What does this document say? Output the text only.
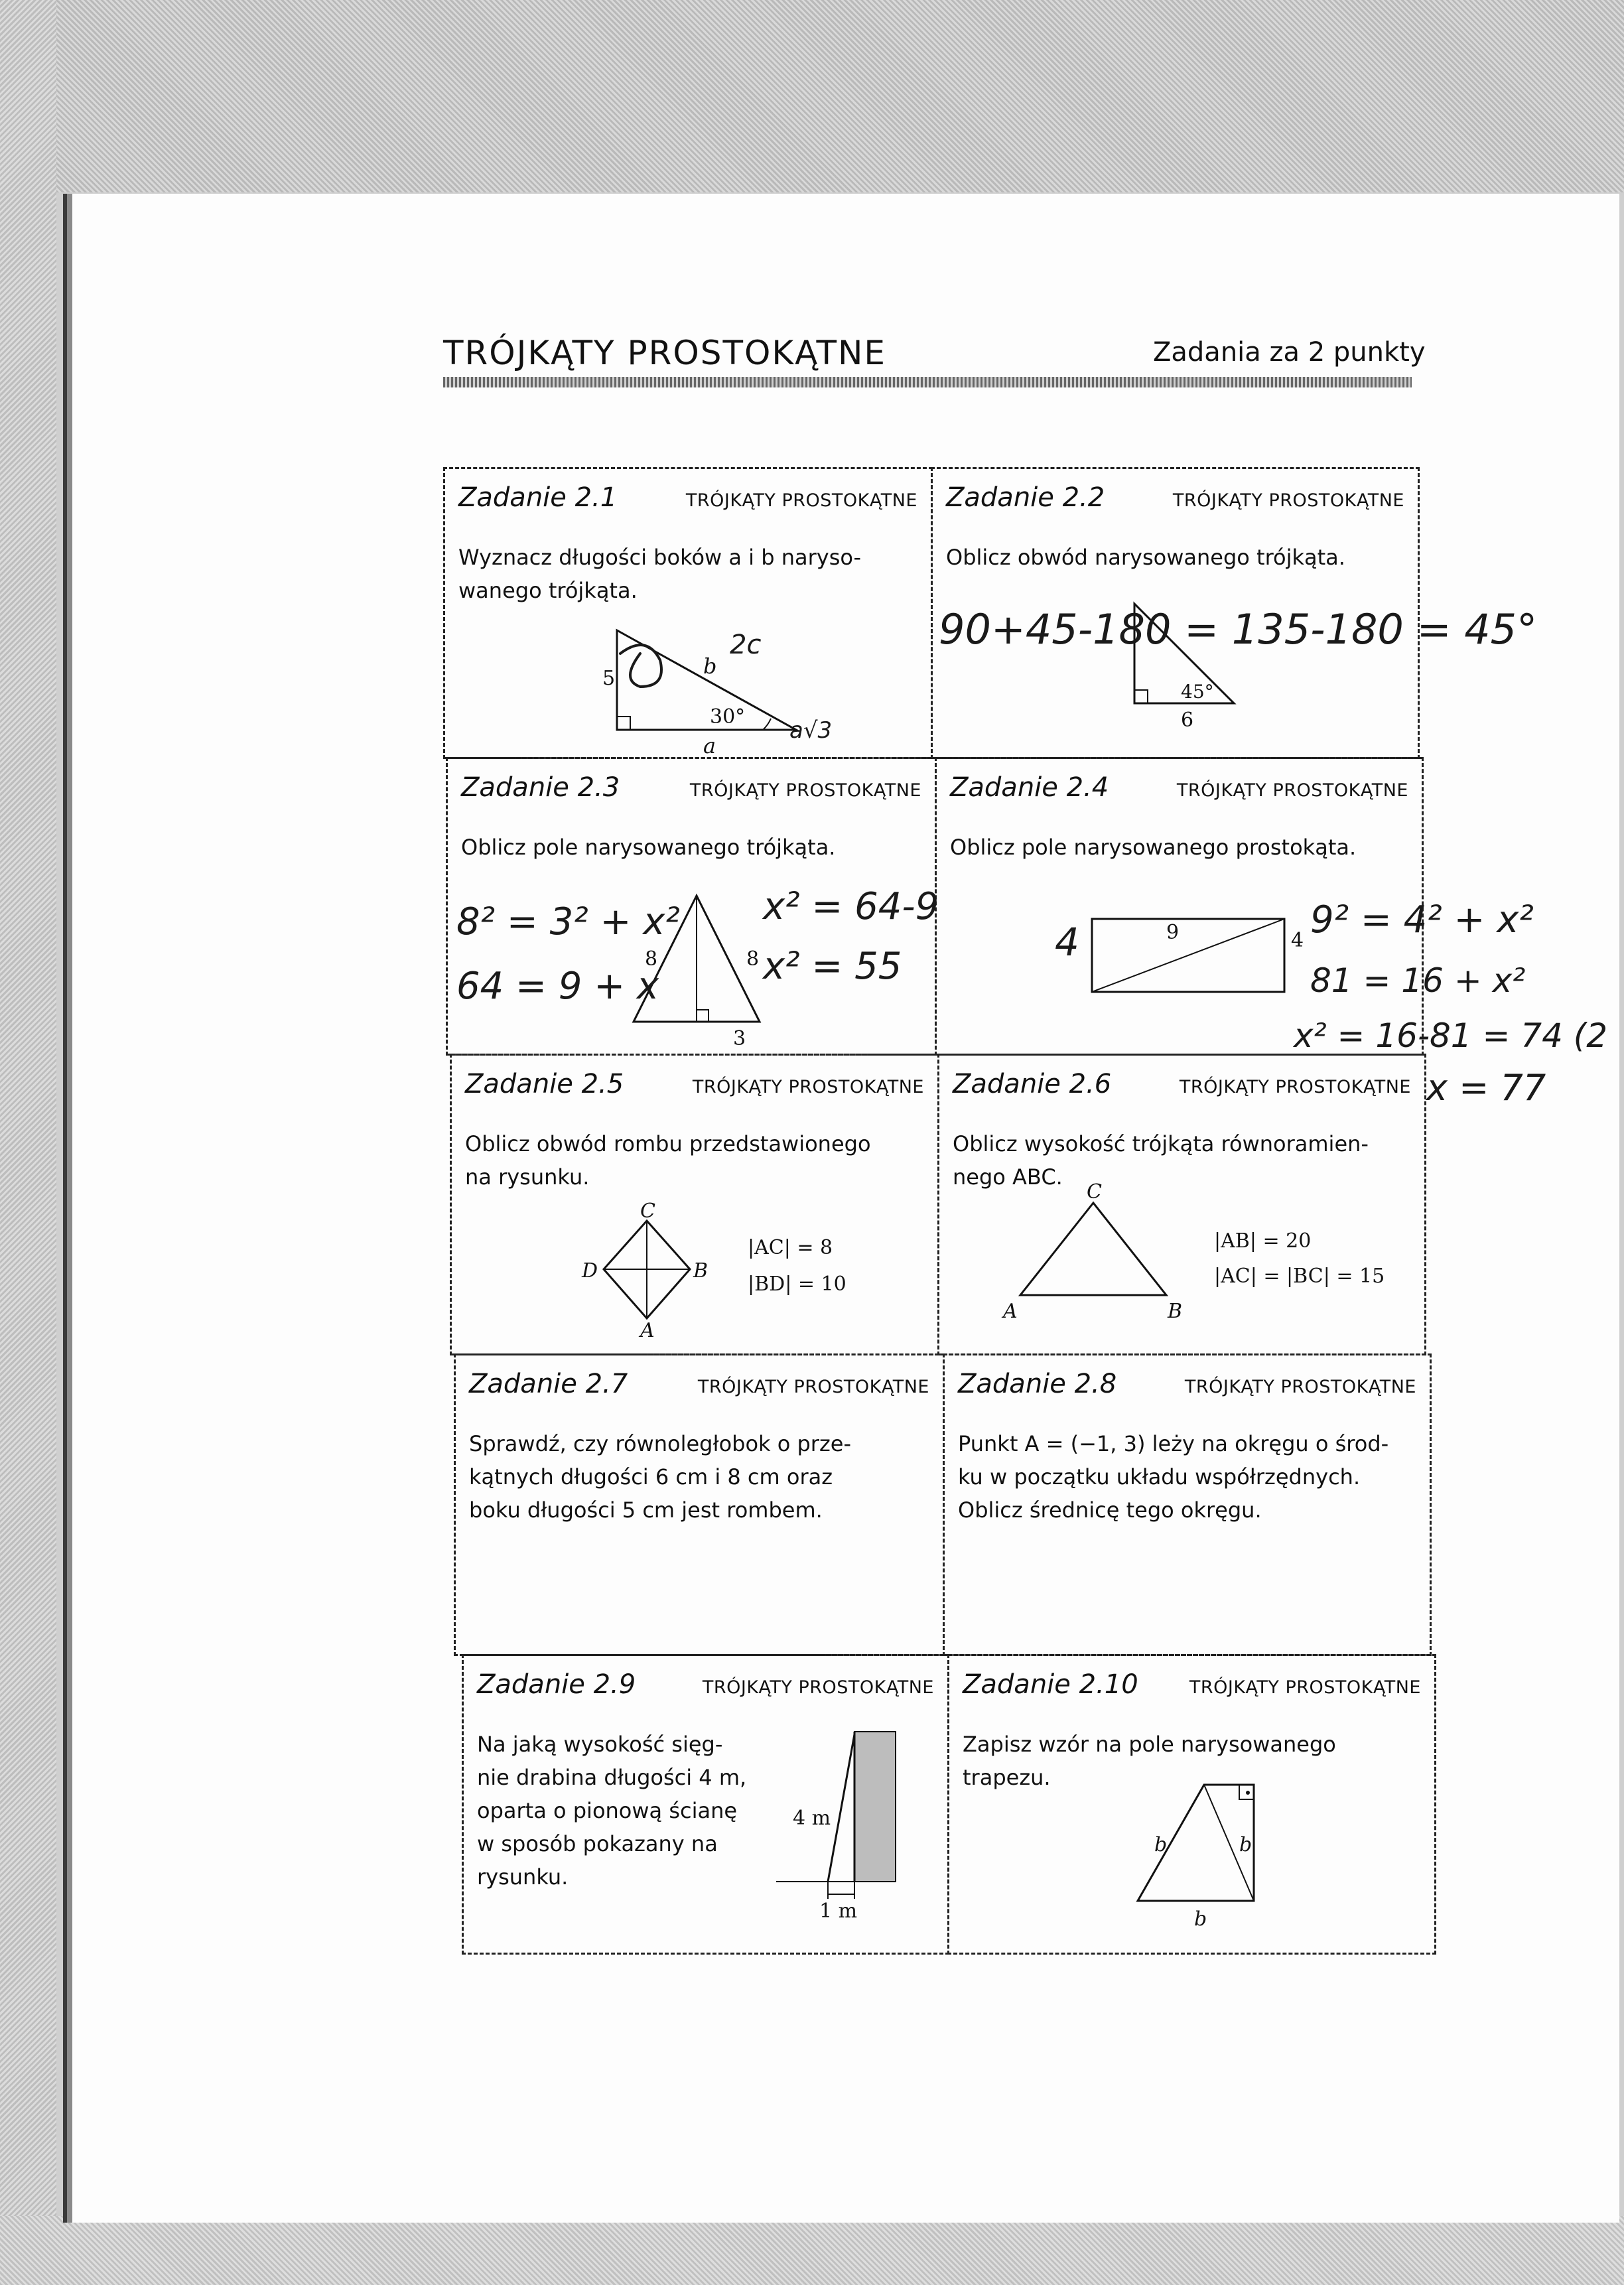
TRÓJKĄTY PROSTOKĄTNE	Zadania za 2 punkty
Zadanie 2.1	TRÓJKĄTY PROSTOKĄTNE
Wyznacz długości boków a i b naryso-
wanego trójkąta.
Zadanie 2.2	TRÓJKĄTY PROSTOKĄTNE
Oblicz obwód narysowanego trójkąta.
Zadanie 2.3	TRÓJKĄTY PROSTOKĄTNE
Oblicz pole narysowanego trójkąta.
Zadanie 2.4	TRÓJKĄTY PROSTOKĄTNE
Oblicz pole narysowanego prostokąta.
Zadanie 2.5	TRÓJKĄTY PROSTOKĄTNE
Oblicz obwód rombu przedstawionego
na rysunku.
Zadanie 2.6	TRÓJKĄTY PROSTOKĄTNE
Oblicz wysokość trójkąta równoramien-
nego ABC.
Zadanie 2.7	TRÓJKĄTY PROSTOKĄTNE
Sprawdź, czy równoległobok o prze-
kątnych długości 6 cm i 8 cm oraz
boku długości 5 cm jest rombem.
Zadanie 2.8	TRÓJKĄTY PROSTOKĄTNE
Punkt A = (−1, 3) leży na okręgu o środ-
ku w początku układu współrzędnych.
Oblicz średnicę tego okręgu.
Zadanie 2.9	TRÓJKĄTY PROSTOKĄTNE
Na jaką wysokość sięg-
nie drabina długości 4 m,
oparta o pionową ścianę
w sposób pokazany na
rysunku.
Zadanie 2.10	TRÓJKĄTY PROSTOKĄTNE
Zapisz wzór na pole narysowanego
trapezu.
5	b
a
30°
45°
6
8	8
3
9	4
C
B
A
D
|AC| = 8
|BD| = 10
C
A	B
|AB| = 20
|AC| = |BC| = 15
4 m
1 m
b	b
b
2c
a√3
90+45-180 = 135-180 = 45°
8² = 3² + x²
64 = 9 + x
x² = 64-9
x² = 55
4	9² = 4² + x²
81 = 16 + x²
x² = 16-81 = 74 (2
x = 77
